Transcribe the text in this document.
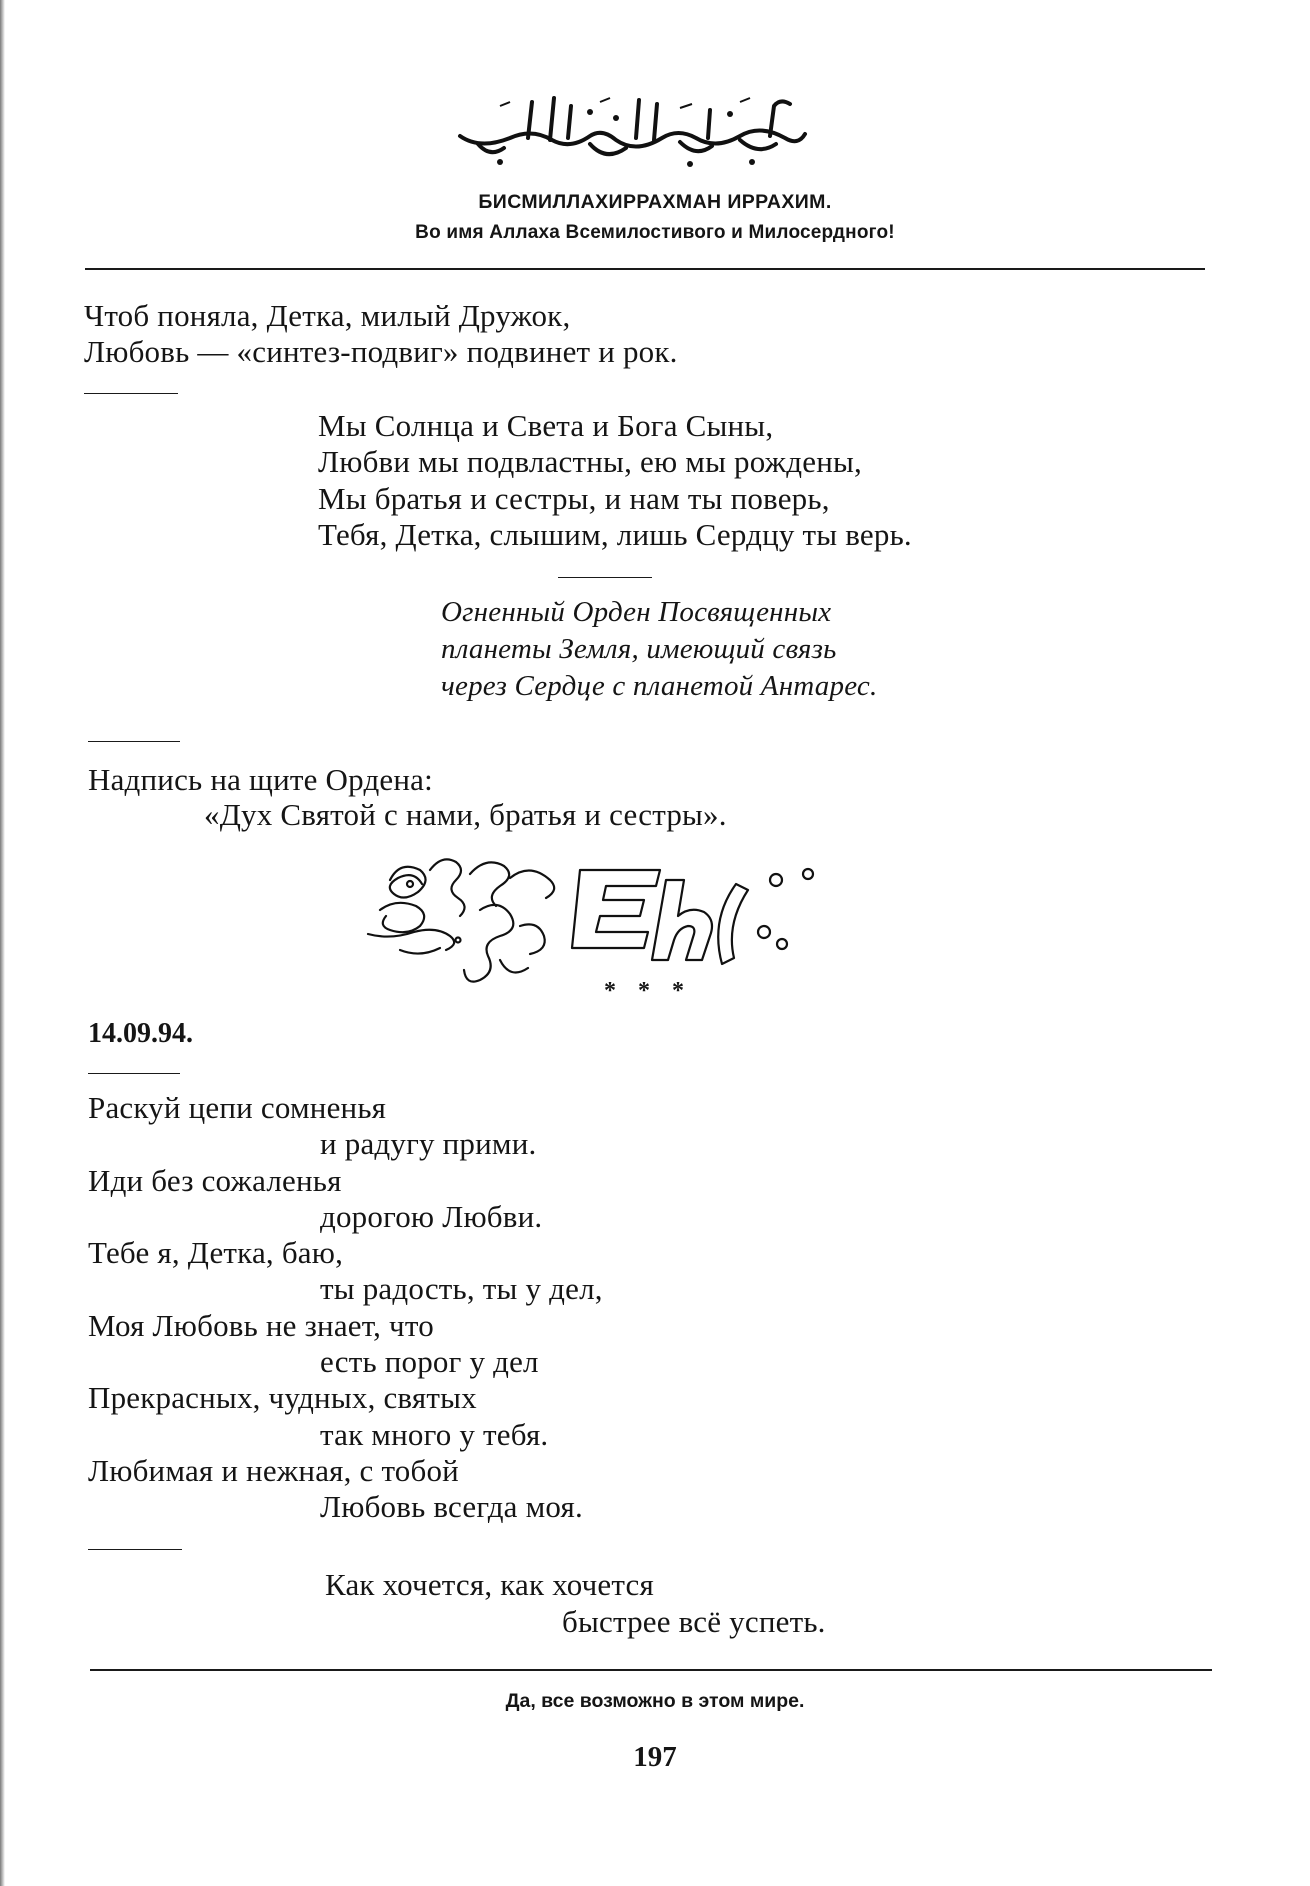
БИСМИЛЛАХИРРАХМАН ИРРАХИМ.
Во имя Аллаха Всемилостивого и Милосердного!
Чтоб поняла, Детка, милый Дружок,
Любовь — «синтез-подвиг» подвинет и рок.
Мы Солнца и Света и Бога Сыны,
Любви мы подвластны, ею мы рождены,
Мы братья и сестры, и нам ты поверь,
Тебя, Детка, слышим, лишь Сердцу ты верь.
Огненный Орден Посвященных
планеты Земля, имеющий связь
через Сердце с планетой Антарес.
Надпись на щите Ордена:
«Дух Святой с нами, братья и сестры».
* * *
14.09.94.
Раскуй цепи сомненья
и радугу прими.
Иди без сожаленья
дорогою Любви.
Тебе я, Детка, баю,
ты радость, ты у дел,
Моя Любовь не знает, что
есть порог у дел
Прекрасных, чудных, святых
так много у тебя.
Любимая и нежная, с тобой
Любовь всегда моя.
Как хочется, как хочется
быстрее всё успеть.
Да, все возможно в этом мире.
197
